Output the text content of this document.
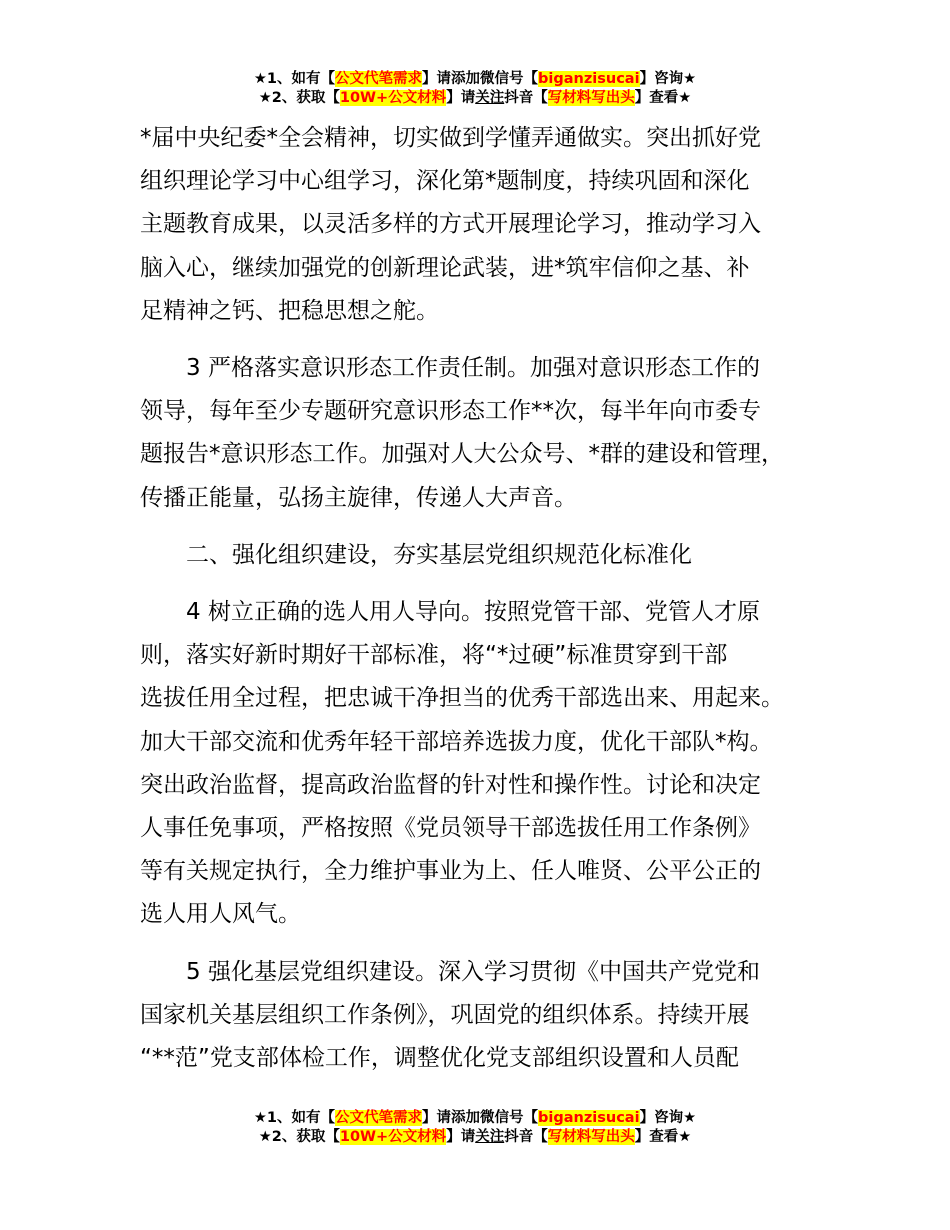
★1、如有【公文代笔需求】请添加微信号【biganzisucai】咨询★
★2、获取【10W+公文材料】请关注抖音【写材料写出头】查看★
*届中央纪委*全会精神，切实做到学懂弄通做实。突出抓好党
组织理论学习中心组学习，深化第*题制度，持续巩固和深化
主题教育成果，以灵活多样的方式开展理论学习，推动学习入
脑入心，继续加强党的创新理论武装，进*筑牢信仰之基、补
足精神之钙、把稳思想之舵。
3 严格落实意识形态工作责任制。加强对意识形态工作的
领导，每年至少专题研究意识形态工作**次，每半年向市委专
题报告*意识形态工作。加强对人大公众号、*群的建设和管理，
传播正能量，弘扬主旋律，传递人大声音。
二、强化组织建设，夯实基层党组织规范化标准化
4 树立正确的选人用人导向。按照党管干部、党管人才原
则，落实好新时期好干部标准，将“*过硬”标准贯穿到干部
选拔任用全过程，把忠诚干净担当的优秀干部选出来、用起来。
加大干部交流和优秀年轻干部培养选拔力度，优化干部队*构。
突出政治监督，提高政治监督的针对性和操作性。讨论和决定
人事任免事项，严格按照《党员领导干部选拔任用工作条例》
等有关规定执行，全力维护事业为上、任人唯贤、公平公正的
选人用人风气。
5 强化基层党组织建设。深入学习贯彻《中国共产党党和
国家机关基层组织工作条例》，巩固党的组织体系。持续开展
“**范”党支部体检工作，调整优化党支部组织设置和人员配
★1、如有【公文代笔需求】请添加微信号【biganzisucai】咨询★
★2、获取【10W+公文材料】请关注抖音【写材料写出头】查看★
